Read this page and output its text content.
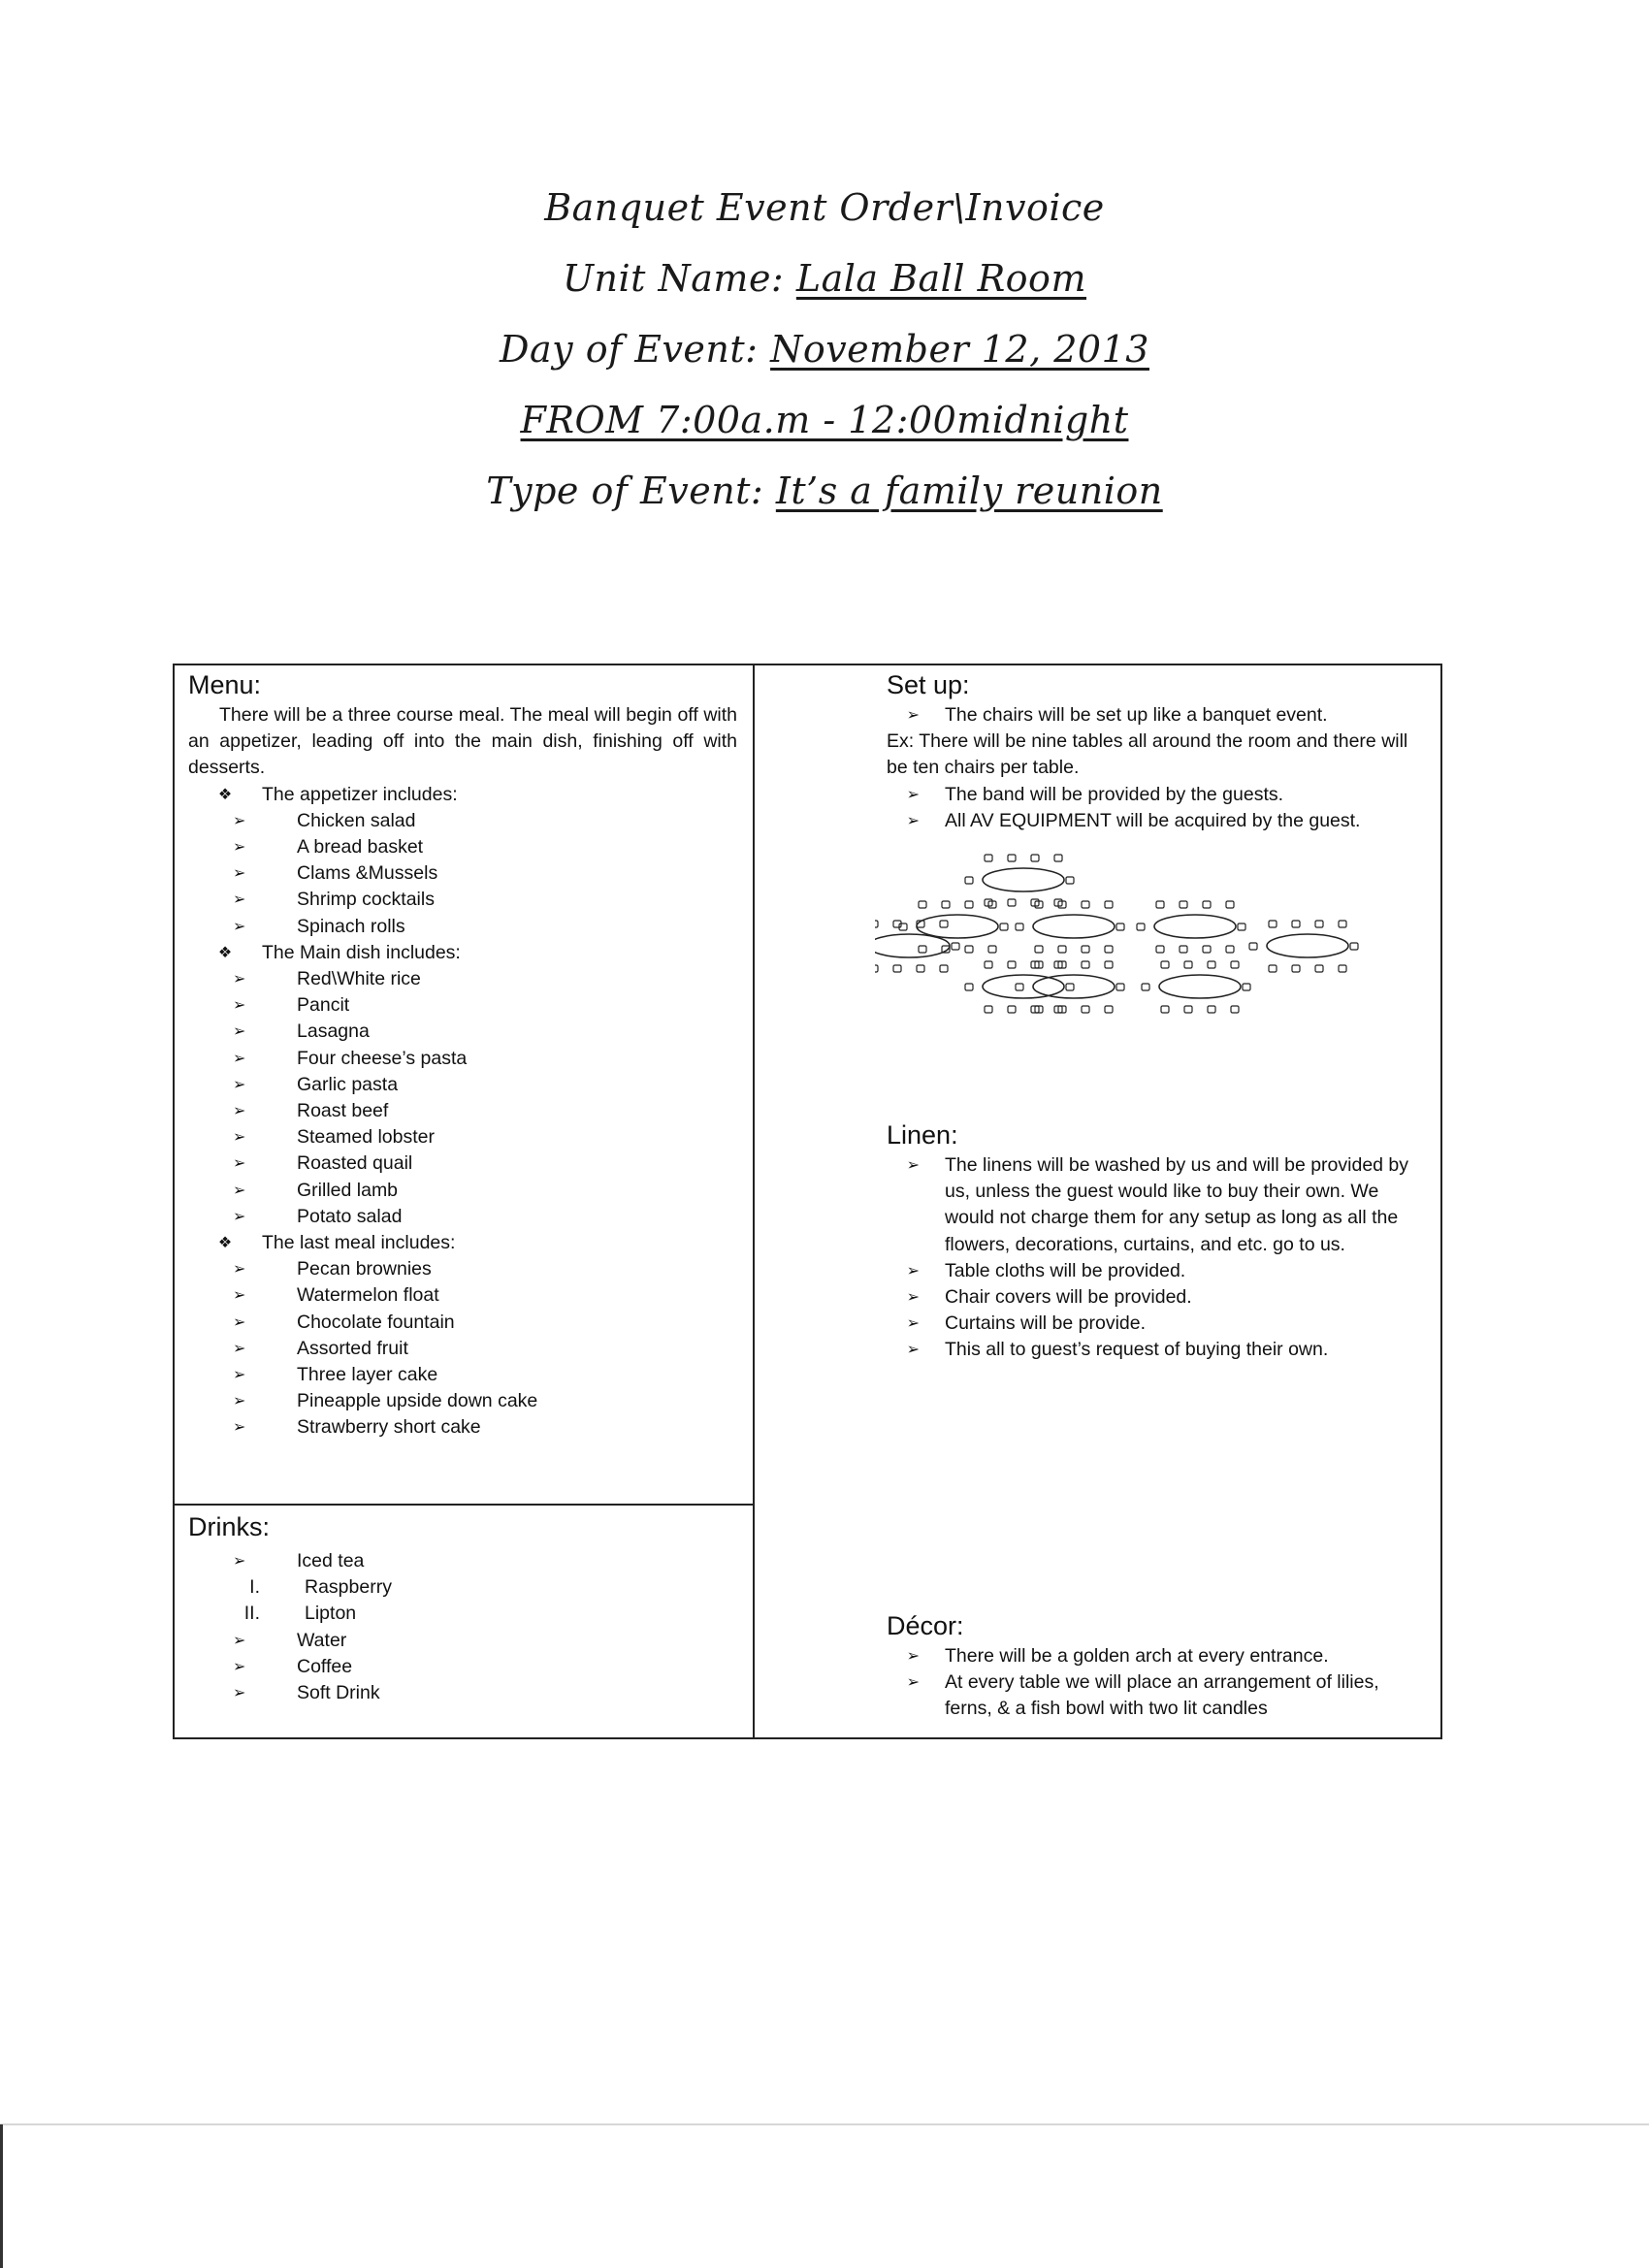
Banquet Event Order\Invoice
Unit Name: Lala Ball Room
Day of Event: November 12, 2013
FROM 7:00a.m - 12:00midnight
Type of Event: It’s a family reunion
Menu:

There will be a three course meal. The meal will begin off with an appetizer, leading off into the main dish, finishing off with desserts.

❖	The appetizer includes:
➢	Chicken salad
➢	A bread basket
➢	Clams &Mussels
➢	Shrimp cocktails
➢	Spinach rolls
❖	The Main dish includes:
➢	Red\White rice
➢	Pancit
➢	Lasagna
➢	Four cheese’s pasta
➢	Garlic pasta
➢	Roast beef
➢	Steamed lobster
➢	Roasted quail
➢	Grilled lamb
➢	Potato salad
❖	The last meal includes:
➢	Pecan brownies
➢	Watermelon float
➢	Chocolate fountain
➢	Assorted fruit
➢	Three layer cake
➢	Pineapple upside down cake
➢	Strawberry short cake
Drinks:
➢	Iced tea
I.	Raspberry
II.	Lipton
➢	Water
➢	Coffee
➢	Soft Drink
Set up:
➢	The chairs will be set up like a banquet event.
Ex: There will be nine tables all around the room and there will be ten chairs per table.
➢	The band will be provided by the guests.
➢	All AV EQUIPMENT will be acquired by the guest.
Linen:
➢	The linens will be washed by us and will be provided by us, unless the guest would like to buy their own. We would not charge them for any setup as long as all the flowers, decorations, curtains, and etc. go to us.
➢	Table cloths will be provided.
➢	Chair covers will be provided.
➢	Curtains will be provide.
➢	This all to guest’s request of buying their own.
Décor:
➢	There will be a golden arch at every entrance.
➢	At every table we will place an arrangement of lilies, ferns, & a fish bowl with two lit candles
